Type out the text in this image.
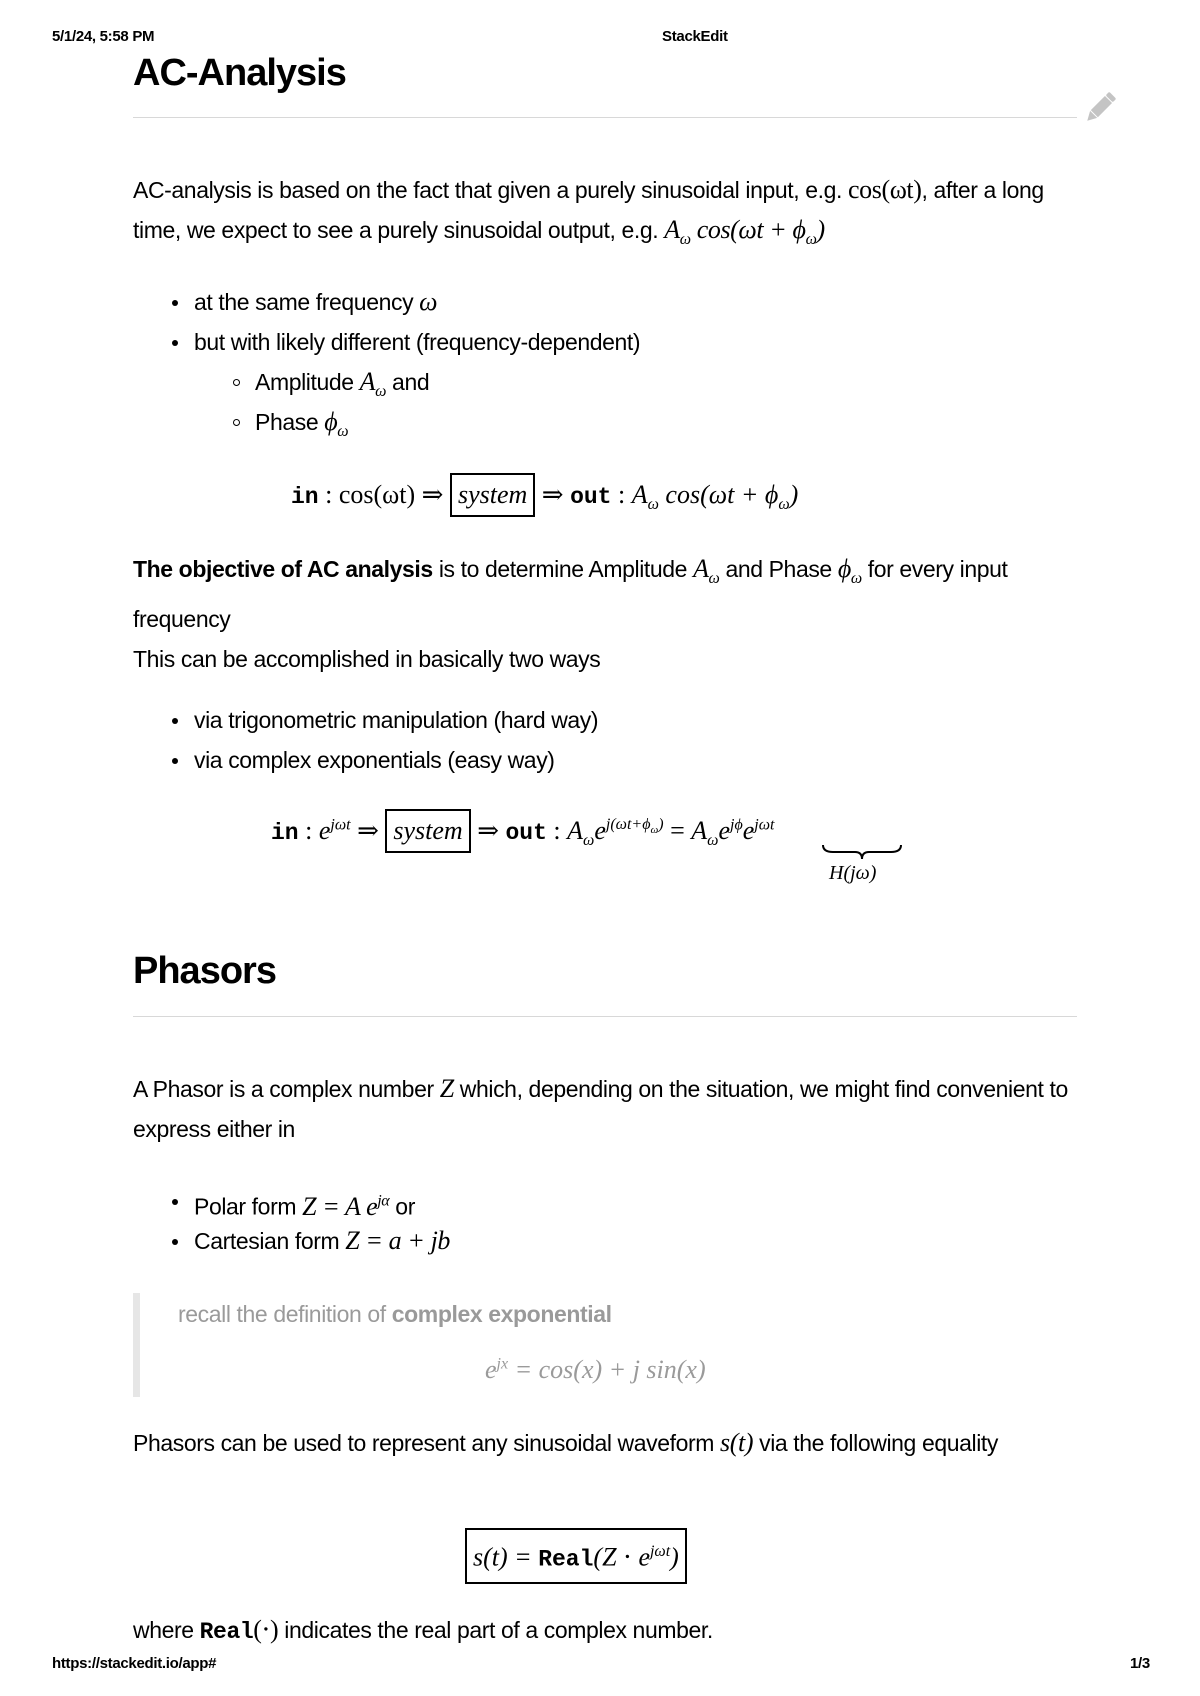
5/1/24, 5:58 PM	StackEdit
https://stackedit.io/app#	1/3
AC-Analysis
AC-analysis is based on the fact that given a purely sinusoidal input, e.g. cos(ωt), after a long time, we expect to see a purely sinusoidal output, e.g. $A_\omega$ $\cos(\omega t + \phi_\omega)$
at the same frequency ω
but with likely different (frequency-dependent)
Amplitude $A_\omega$ and
Phase $\phi_\omega$
in : cos(ωt) ⇒ system ⇒ out : $A_\omega$ $\cos(\omega t + \phi_\omega)$
The objective of AC analysis is to determine Amplitude $A_\omega$ and Phase $\phi_\omega$ for every input frequency
This can be accomplished in basically two ways
via trigonometric manipulation (hard way)
via complex exponentials (easy way)
in : $e^{j\omega t}$ ⇒ system ⇒ out : $A_\omega e^{j(\omega t+\phi_\omega)} = A_\omega e^{j\phi}e^{j\omega t}$
H(jω)
Phasors
A Phasor is a complex number Z which, depending on the situation, we might find convenient to express either in
Polar form Z = A $e^{j\alpha}$ or
Cartesian form Z = a + jb
recall the definition of complex exponential
$e^{jx} = \cos(x) + j$ sin(x)
Phasors can be used to represent any sinusoidal waveform s(t) via the following equality
s(t) = Real(Z ⋅ $e^{j\omega t}$)
where Real(⋅) indicates the real part of a complex number.
